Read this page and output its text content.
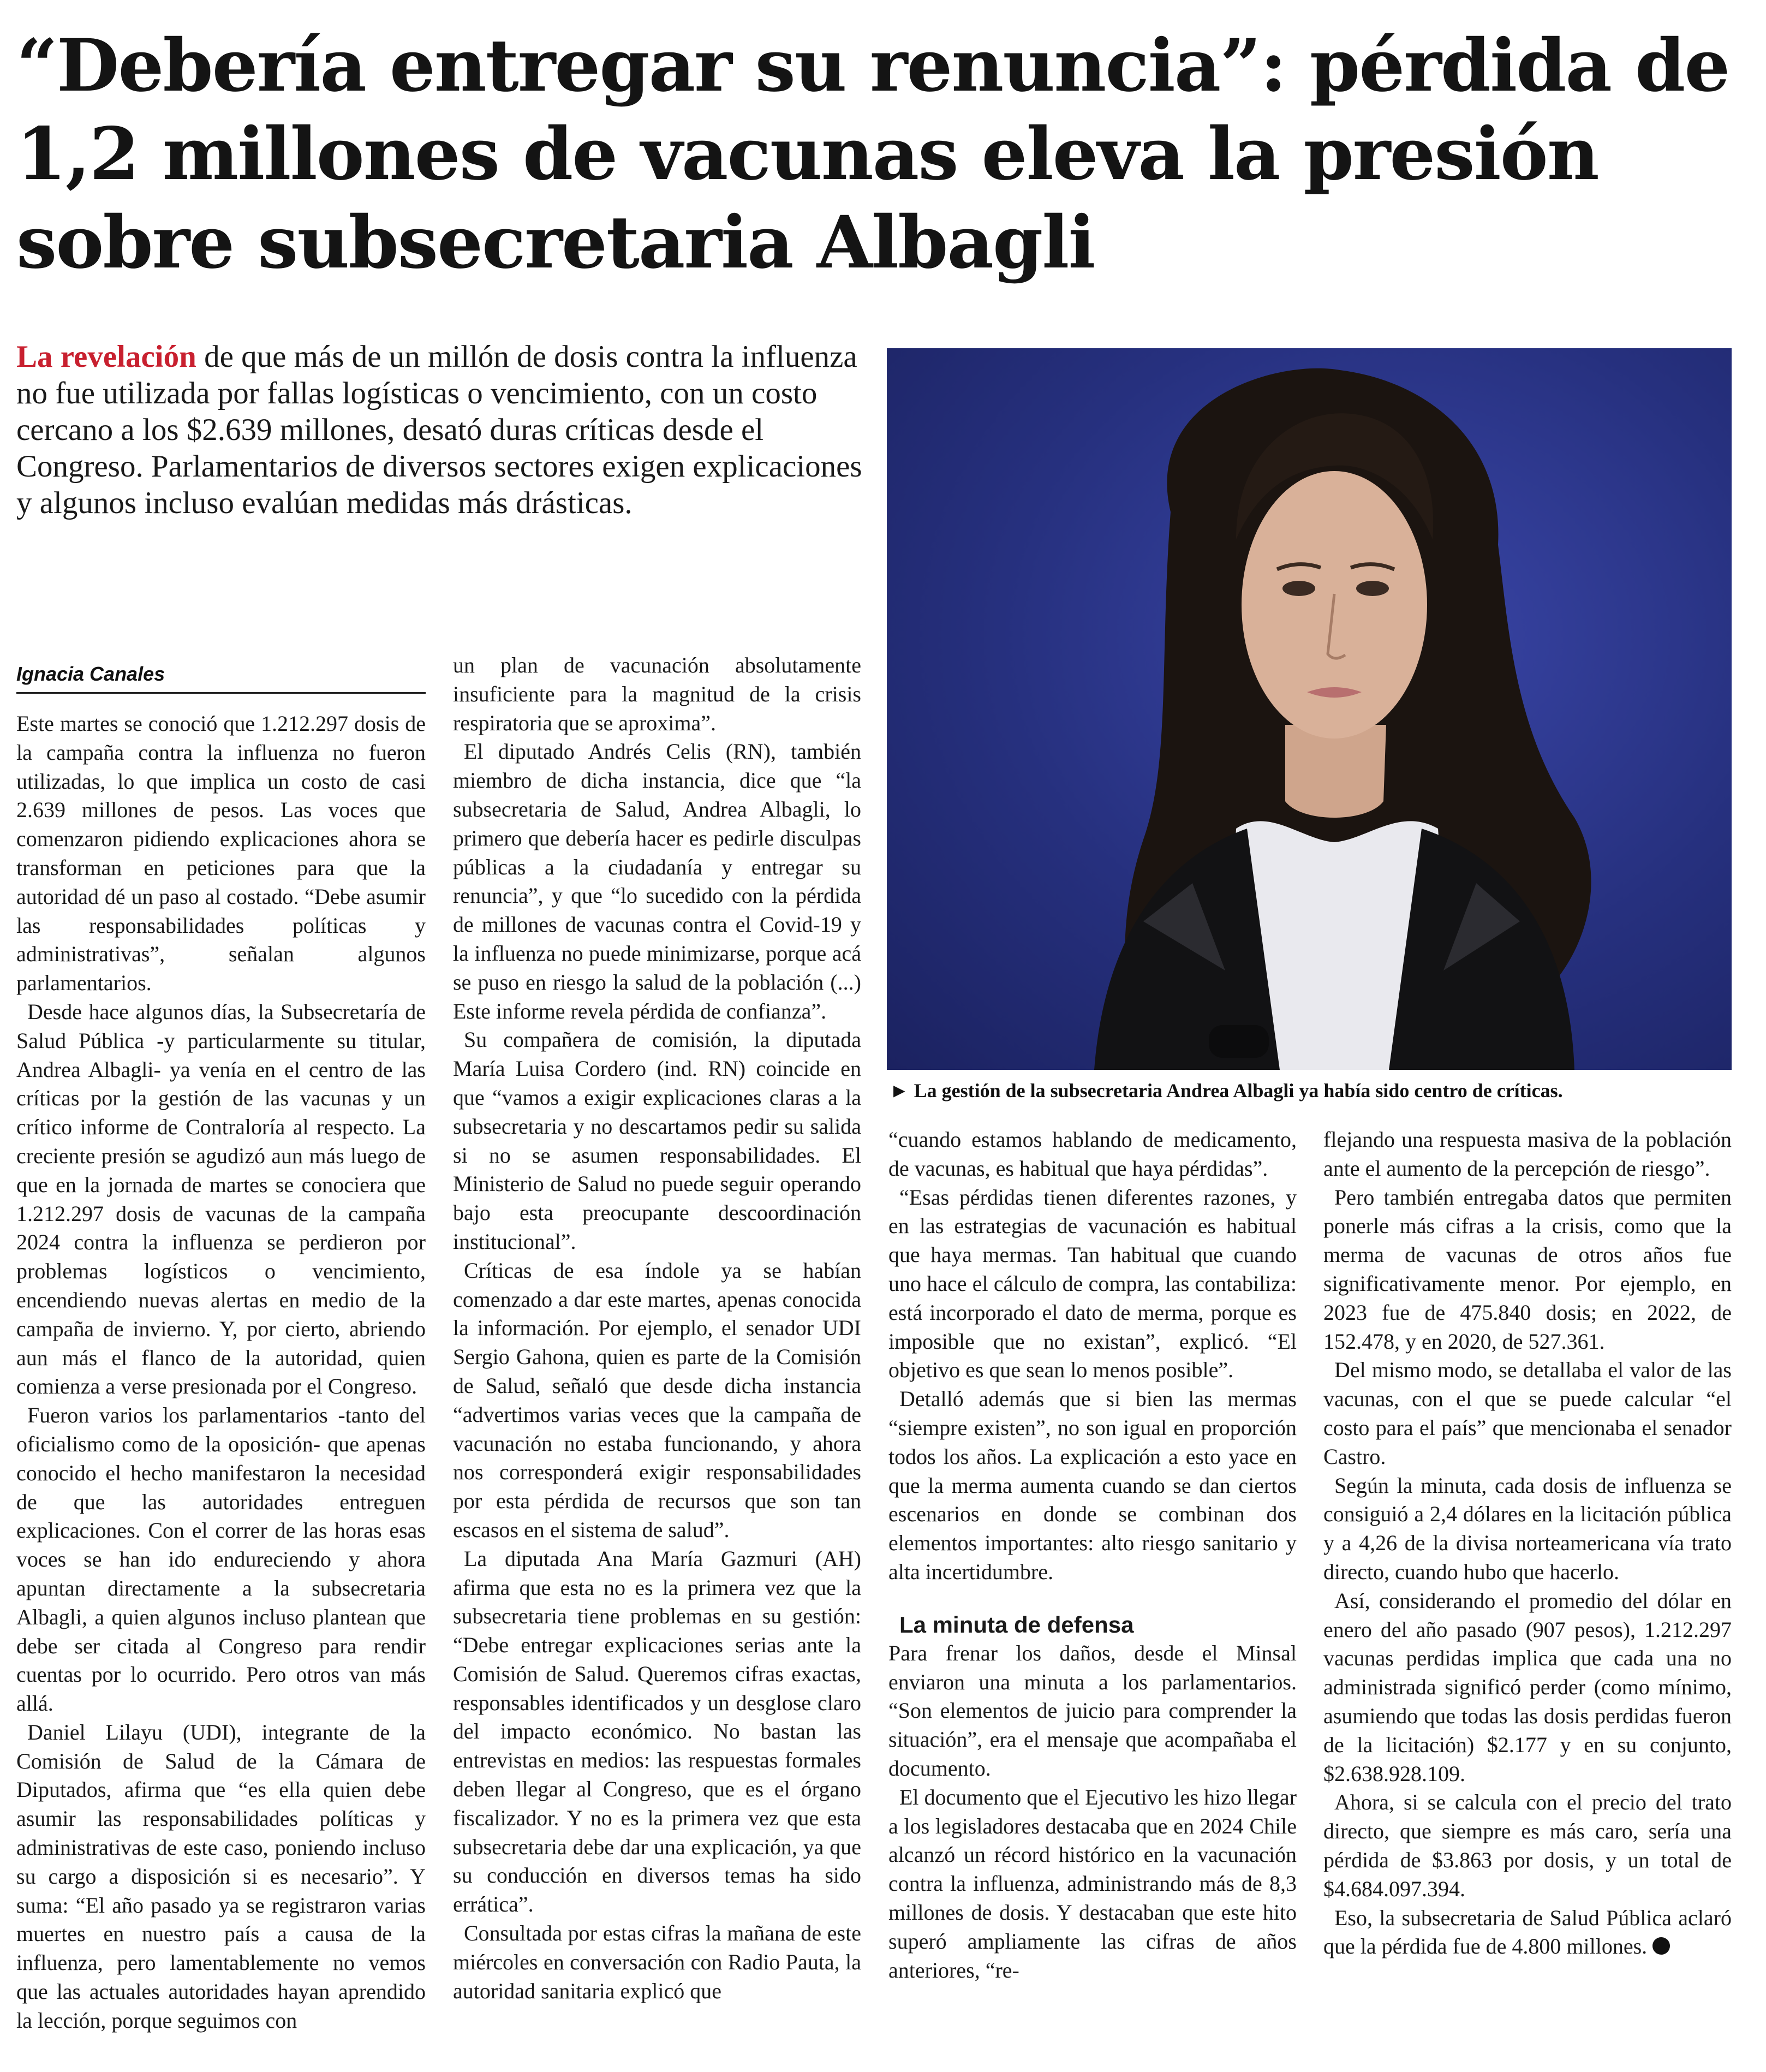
“Debería entregar su renuncia”: pérdida de 1,2 millones de vacunas eleva la presión sobre subsecretaria Albagli
La revelación de que más de un millón de dosis contra la influenza no fue utilizada por fallas logísticas o vencimiento, con un costo cercano a los $2.639 millones, desató duras críticas desde el Congreso. Parlamentarios de diversos sectores exigen explicaciones y algunos incluso evalúan medidas más drásticas.
► La gestión de la subsecretaria Andrea Albagli ya había sido centro de críticas.
Ignacia Canales

Este martes se conoció que 1.212.297 dosis de la campaña contra la influenza no fueron utilizadas, lo que implica un costo de casi 2.639 millones de pesos. Las voces que comenzaron pidiendo explicaciones ahora se transforman en peticiones para que la autoridad dé un paso al costado. “Debe asumir las responsabilidades políticas y administrativas”, señalan algunos parlamentarios.

Desde hace algunos días, la Subsecretaría de Salud Pública -y particularmente su titular, Andrea Albagli- ya venía en el centro de las críticas por la gestión de las vacunas y un crítico informe de Contraloría al respecto. La creciente presión se agudizó aun más luego de que en la jornada de martes se conociera que 1.212.297 dosis de vacunas de la campaña 2024 contra la influenza se perdieron por problemas logísticos o vencimiento, encendiendo nuevas alertas en medio de la campaña de invierno. Y, por cierto, abriendo aun más el flanco de la autoridad, quien comienza a verse presionada por el Congreso.

Fueron varios los parlamentarios -tanto del oficialismo como de la oposición- que apenas conocido el hecho manifestaron la necesidad de que las autoridades entreguen explicaciones. Con el correr de las horas esas voces se han ido endureciendo y ahora apuntan directamente a la subsecretaria Albagli, a quien algunos incluso plantean que debe ser citada al Congreso para rendir cuentas por lo ocurrido. Pero otros van más allá.

Daniel Lilayu (UDI), integrante de la Comisión de Salud de la Cámara de Diputados, afirma que “es ella quien debe asumir las responsabilidades políticas y administrativas de este caso, poniendo incluso su cargo a disposición si es necesario”. Y suma: “El año pasado ya se registraron varias muertes en nuestro país a causa de la influenza, pero lamentablemente no vemos que las actuales autoridades hayan aprendido la lección, porque seguimos con

un plan de vacunación absolutamente insuficiente para la magnitud de la crisis respiratoria que se aproxima”.

El diputado Andrés Celis (RN), también miembro de dicha instancia, dice que “la subsecretaria de Salud, Andrea Albagli, lo primero que debería hacer es pedirle disculpas públicas a la ciudadanía y entregar su renuncia”, y que “lo sucedido con la pérdida de millones de vacunas contra el Covid-19 y la influenza no puede minimizarse, porque acá se puso en riesgo la salud de la población (...) Este informe revela pérdida de confianza”.

Su compañera de comisión, la diputada María Luisa Cordero (ind. RN) coincide en que “vamos a exigir explicaciones claras a la subsecretaria y no descartamos pedir su salida si no se asumen responsabilidades. El Ministerio de Salud no puede seguir operando bajo esta preocupante descoordinación institucional”.

Críticas de esa índole ya se habían comenzado a dar este martes, apenas conocida la información. Por ejemplo, el senador UDI Sergio Gahona, quien es parte de la Comisión de Salud, señaló que desde dicha instancia “advertimos varias veces que la campaña de vacunación no estaba funcionando, y ahora nos corresponderá exigir responsabilidades por esta pérdida de recursos que son tan escasos en el sistema de salud”.

La diputada Ana María Gazmuri (AH) afirma que esta no es la primera vez que la subsecretaria tiene problemas en su gestión: “Debe entregar explicaciones serias ante la Comisión de Salud. Queremos cifras exactas, responsables identificados y un desglose claro del impacto económico. No bastan las entrevistas en medios: las respuestas formales deben llegar al Congreso, que es el órgano fiscalizador. Y no es la primera vez que esta subsecretaria debe dar una explicación, ya que su conducción en diversos temas ha sido errática”.

Consultada por estas cifras la mañana de este miércoles en conversación con Radio Pauta, la autoridad sanitaria explicó que

“cuando estamos hablando de medicamento, de vacunas, es habitual que haya pérdidas”.

“Esas pérdidas tienen diferentes razones, y en las estrategias de vacunación es habitual que haya mermas. Tan habitual que cuando uno hace el cálculo de compra, las contabiliza: está incorporado el dato de merma, porque es imposible que no existan”, explicó. “El objetivo es que sean lo menos posible”.

Detalló además que si bien las mermas “siempre existen”, no son igual en proporción todos los años. La explicación a esto yace en que la merma aumenta cuando se dan ciertos escenarios en donde se combinan dos elementos importantes: alto riesgo sanitario y alta incertidumbre.

La minuta de defensa

Para frenar los daños, desde el Minsal enviaron una minuta a los parlamentarios. “Son elementos de juicio para comprender la situación”, era el mensaje que acompañaba el documento.

El documento que el Ejecutivo les hizo llegar a los legisladores destacaba que en 2024 Chile alcanzó un récord histórico en la vacunación contra la influenza, administrando más de 8,3 millones de dosis. Y destacaban que este hito superó ampliamente las cifras de años anteriores, “re-

flejando una respuesta masiva de la población ante el aumento de la percepción de riesgo”.

Pero también entregaba datos que permiten ponerle más cifras a la crisis, como que la merma de vacunas de otros años fue significativamente menor. Por ejemplo, en 2023 fue de 475.840 dosis; en 2022, de 152.478, y en 2020, de 527.361.

Del mismo modo, se detallaba el valor de las vacunas, con el que se puede calcular “el costo para el país” que mencionaba el senador Castro.

Según la minuta, cada dosis de influenza se consiguió a 2,4 dólares en la licitación pública y a 4,26 de la divisa norteamericana vía trato directo, cuando hubo que hacerlo.

Así, considerando el promedio del dólar en enero del año pasado (907 pesos), 1.212.297 vacunas perdidas implica que cada una no administrada significó perder (como mínimo, asumiendo que todas las dosis perdidas fueron de la licitación) $2.177 y en su conjunto, $2.638.928.109.

Ahora, si se calcula con el precio del trato directo, que siempre es más caro, sería una pérdida de $3.863 por dosis, y un total de $4.684.097.394.

Eso, la subsecretaria de Salud Pública aclaró que la pérdida fue de 4.800 millones.
